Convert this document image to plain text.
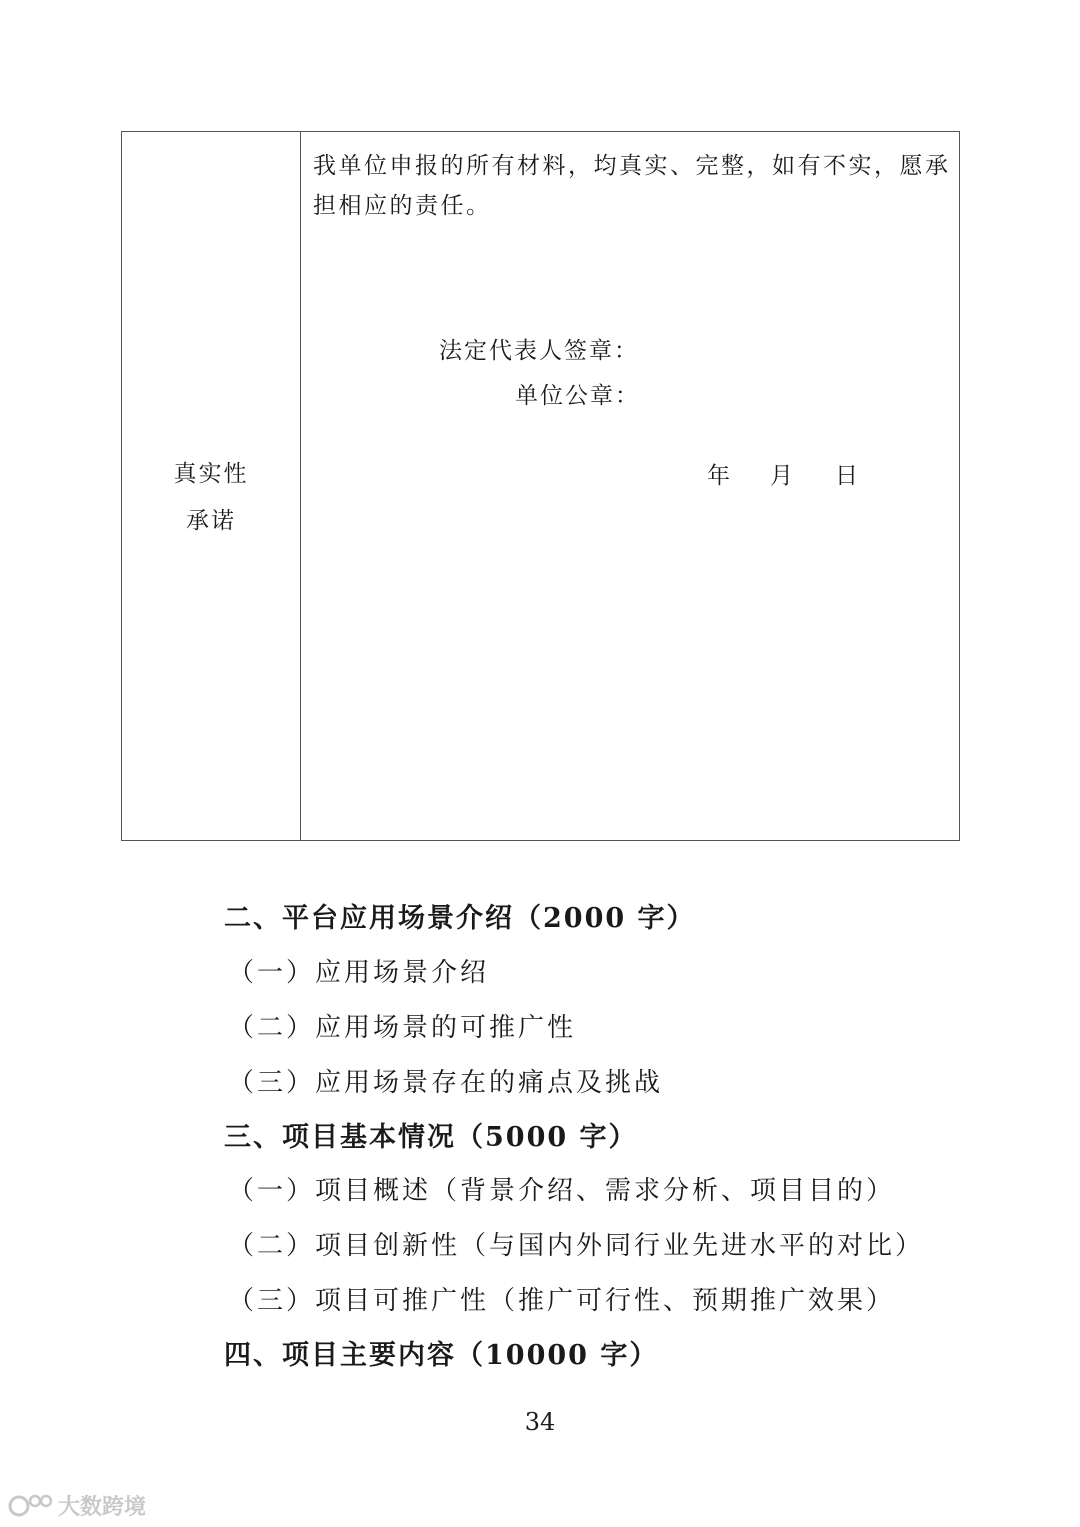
真实性
承诺

我单位申报的所有材料，均真实、完整，如有不实，愿承担相应的责任。

法定代表人签章：
单位公章：
年 月 日
二、平台应用场景介绍（2000 字）
（一）应用场景介绍
（二）应用场景的可推广性
（三）应用场景存在的痛点及挑战
三、项目基本情况（5000 字）
（一）项目概述（背景介绍、需求分析、项目目的）
（二）项目创新性（与国内外同行业先进水平的对比）
（三）项目可推广性（推广可行性、预期推广效果）
四、项目主要内容（10000 字）
34
大数跨境
